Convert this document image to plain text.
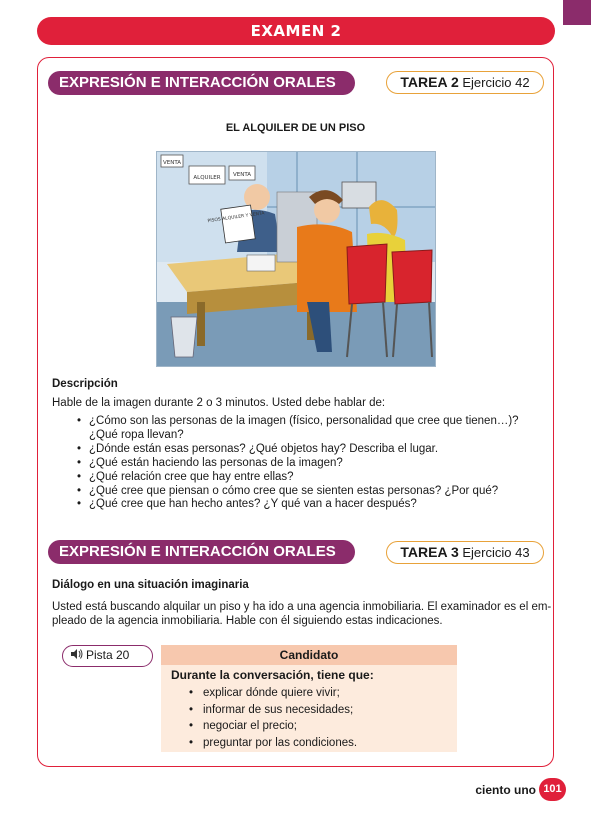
EXAMEN 2
EXPRESIÓN E INTERACCIÓN ORALES	TAREA 2 Ejercicio 42
EL ALQUILER DE UN PISO
VENTA
ALQUILER VENTA
PISOS ALQUILER Y VENTA
Descripción
Hable de la imagen durante 2 o 3 minutos. Usted debe hablar de:
• ¿Cómo son las personas de la imagen (físico, personalidad que cree que tienen…)? ¿Qué ropa llevan?
• ¿Dónde están esas personas? ¿Qué objetos hay? Describa el lugar.
• ¿Qué están haciendo las personas de la imagen?
• ¿Qué relación cree que hay entre ellas?
• ¿Qué cree que piensan o cómo cree que se sienten estas personas? ¿Por qué?
• ¿Qué cree que han hecho antes? ¿Y qué van a hacer después?
EXPRESIÓN E INTERACCIÓN ORALES	TAREA 3 Ejercicio 43
Diálogo en una situación imaginaria
Usted está buscando alquilar un piso y ha ido a una agencia inmobiliaria. El examinador es el em-
pleado de la agencia inmobiliaria. Hable con él siguiendo estas indicaciones.
Pista 20	Candidato
Durante la conversación, tiene que:
• explicar dónde quiere vivir;
• informar de sus necesidades;
• negociar el precio;
• preguntar por las condiciones.
ciento uno 101
